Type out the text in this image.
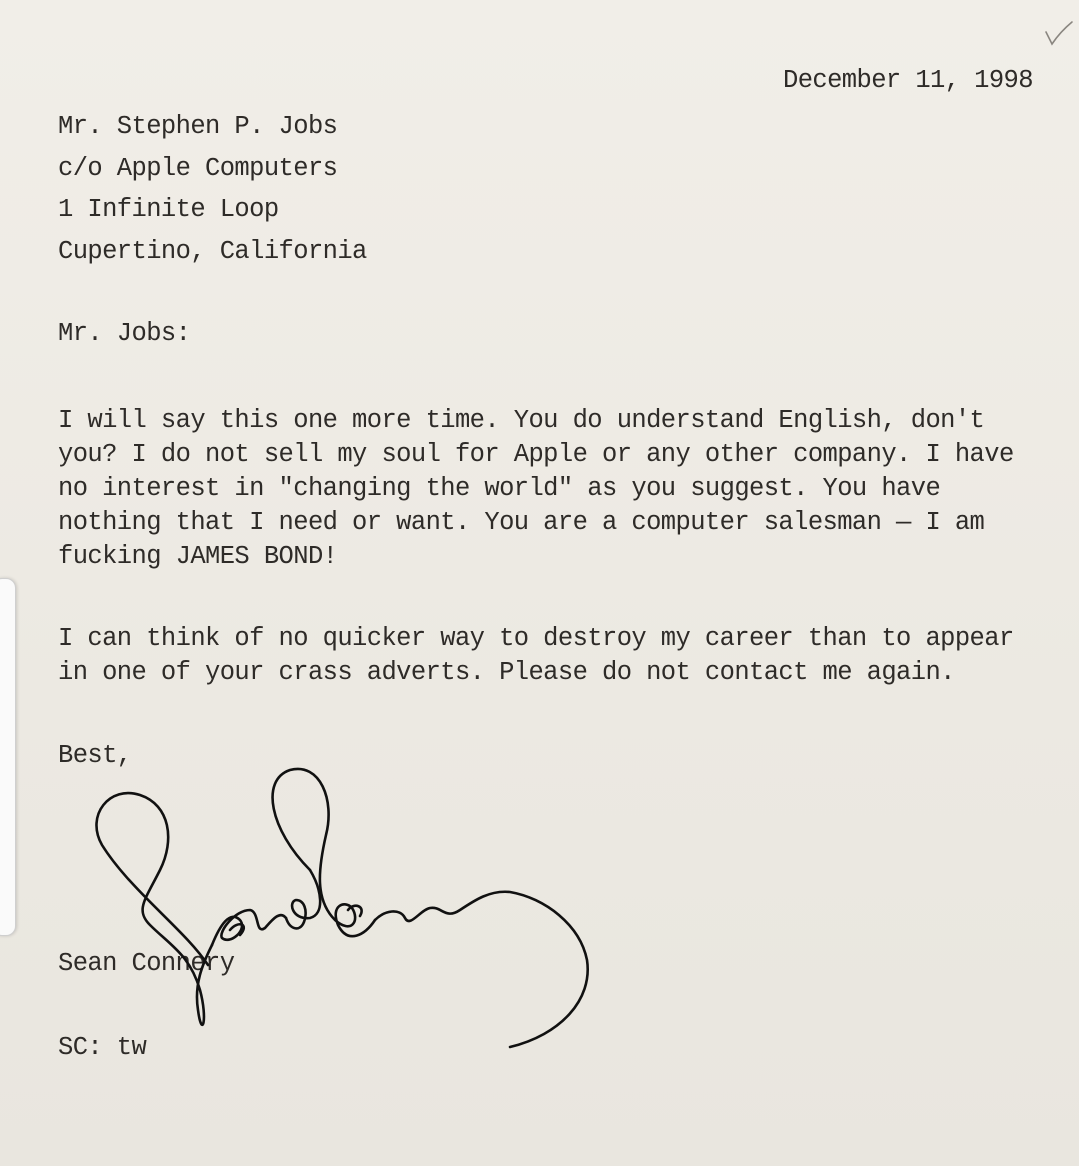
December 11, 1998
Mr. Stephen P. Jobs
c/o Apple Computers
1 Infinite Loop
Cupertino, California
Mr. Jobs:
I will say this one more time. You do understand English, don't
you? I do not sell my soul for Apple or any other company. I have
no interest in "changing the world" as you suggest. You have
nothing that I need or want. You are a computer salesman — I am
fucking JAMES BOND!
I can think of no quicker way to destroy my career than to appear
in one of your crass adverts. Please do not contact me again.
Best,
Sean Connery
SC: tw
